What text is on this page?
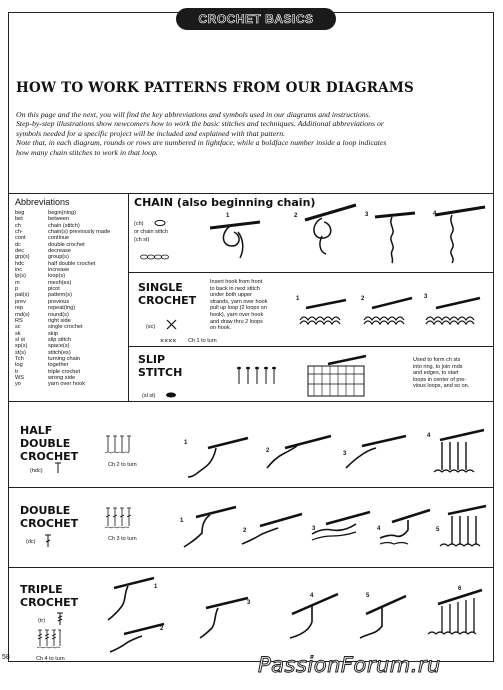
CROCHET BASICS
HOW TO WORK PATTERNS FROM OUR DIAGRAMS

On this page and the next, you will find the key abbreviations and symbols used in our diagrams and instructions.

Step-by-step illustrations show newcomers how to work the basic stitches and techniques. Additional abbreviations or

symbols needed for a specific project will be included and explained with that pattern.

Note that, in each diagram, rounds or rows are numbered in lightface, while a boldface number inside a loop indicates

how many chain stitches to work in that loop.

Abbreviations
beg	begin(ning)
bet	between
ch	chain (stitch)
ch-	chain(s) previously made
cont	continue
dc	double crochet
dec	decrease
grp(s)	group(s)
hdc	half double crochet
inc	increase
lp(s)	loop(s)
m	mesh(es)
p	picot
pat(s)	pattern(s)
prev	previous
rep	repeat(ing)
rnd(s)	round(s)
RS	right side
sc	single crochet
sk	skip
sl st	slip stitch
sp(s)	space(s)
st(s)	stitch(es)
Tch	turning chain
tog	together
tr	triple crochet
WS	wrong side
yo	yarn over hook
CHAIN (also beginning chain)
(ch)
or chain stitch
(ch st)
1	2	3	4
SINGLE
CROCHET
(sc)
×××× Ch 1 to turn
Insert hook from front
to back in next stitch
under both upper
strands, yarn over hook
pull up loop (2 loops on
hook), yarn over hook
and draw thru 2 loops
on hook.
1	2	3
SLIP
STITCH
(sl st)
Used to form ch sts
into ring, to join rnds
and edges, to start
loops in center of pre-
vious loops, and so on.
HALF
DOUBLE
CROCHET
(hdc)
Ch 2 to turn
1
2	3
4
DOUBLE
CROCHET
(dc)	Ch 3 to turn
1
2	3	4	5
TRIPLE
CROCHET
(tr)
Ch 4 to turn
1
2
3
4	5
6
58	PassionForum.ru
